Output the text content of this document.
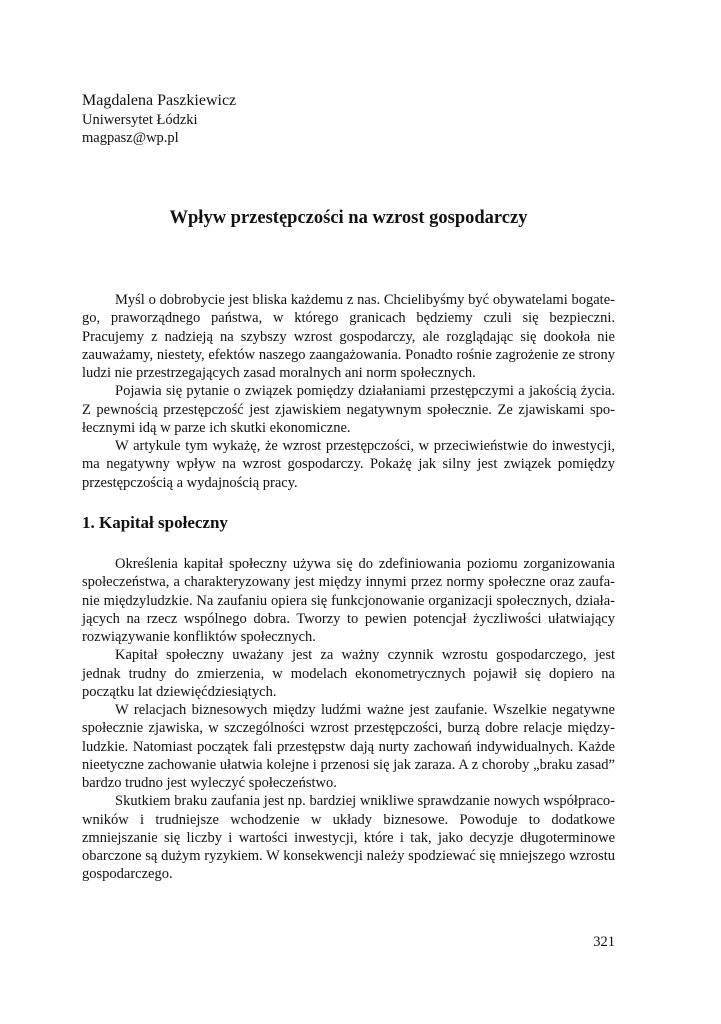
Magdalena Paszkiewicz
Uniwersytet Łódzki
magpasz@wp.pl
Wpływ przestępczości na wzrost gospodarczy

Myśl o dobrobycie jest bliska każdemu z nas. Chcielibyśmy być obywatelami bogatego, praworządnego państwa, w którego granicach będziemy czuli się bezpieczni. Pracujemy z nadzieją na szybszy wzrost gospodarczy, ale rozglądając się dookoła nie zauważamy, niestety, efektów naszego zaangażowania. Ponadto rośnie zagrożenie ze strony ludzi nie przestrzegających zasad moralnych ani norm społecznych.

Pojawia się pytanie o związek pomiędzy działaniami przestępczymi a jakością życia. Z pewnością przestępczość jest zjawiskiem negatywnym społecznie. Ze zjawiskami społecznymi idą w parze ich skutki ekonomiczne.

W artykule tym wykażę, że wzrost przestępczości, w przeciwieństwie do inwestycji, ma negatywny wpływ na wzrost gospodarczy. Pokażę jak silny jest związek pomiędzy przestępczością a wydajnością pracy.

1. Kapitał społeczny

Określenia kapitał społeczny używa się do zdefiniowania poziomu zorganizowania społeczeństwa, a charakteryzowany jest między innymi przez normy społeczne oraz zaufanie międzyludzkie. Na zaufaniu opiera się funkcjonowanie organizacji społecznych, działających na rzecz wspólnego dobra. Tworzy to pewien potencjał życzliwości ułatwiający rozwiązywanie konfliktów społecznych.

Kapitał społeczny uważany jest za ważny czynnik wzrostu gospodarczego, jest jednak trudny do zmierzenia, w modelach ekonometrycznych pojawił się dopiero na początku lat dziewięćdziesiątych.

W relacjach biznesowych między ludźmi ważne jest zaufanie. Wszelkie negatywne społecznie zjawiska, w szczególności wzrost przestępczości, burzą dobre relacje międzyludzkie. Natomiast początek fali przestępstw dają nurty zachowań indywidualnych. Każde nieetyczne zachowanie ułatwia kolejne i przenosi się jak zaraza. A z choroby „braku zasad” bardzo trudno jest wyleczyć społeczeństwo.

Skutkiem braku zaufania jest np. bardziej wnikliwe sprawdzanie nowych współpracowników i trudniejsze wchodzenie w układy biznesowe. Powoduje to dodatkowe zmniejszanie się liczby i wartości inwestycji, które i tak, jako decyzje długoterminowe obarczone są dużym ryzykiem. W konsekwencji należy spodziewać się mniejszego wzrostu gospodarczego.

321
